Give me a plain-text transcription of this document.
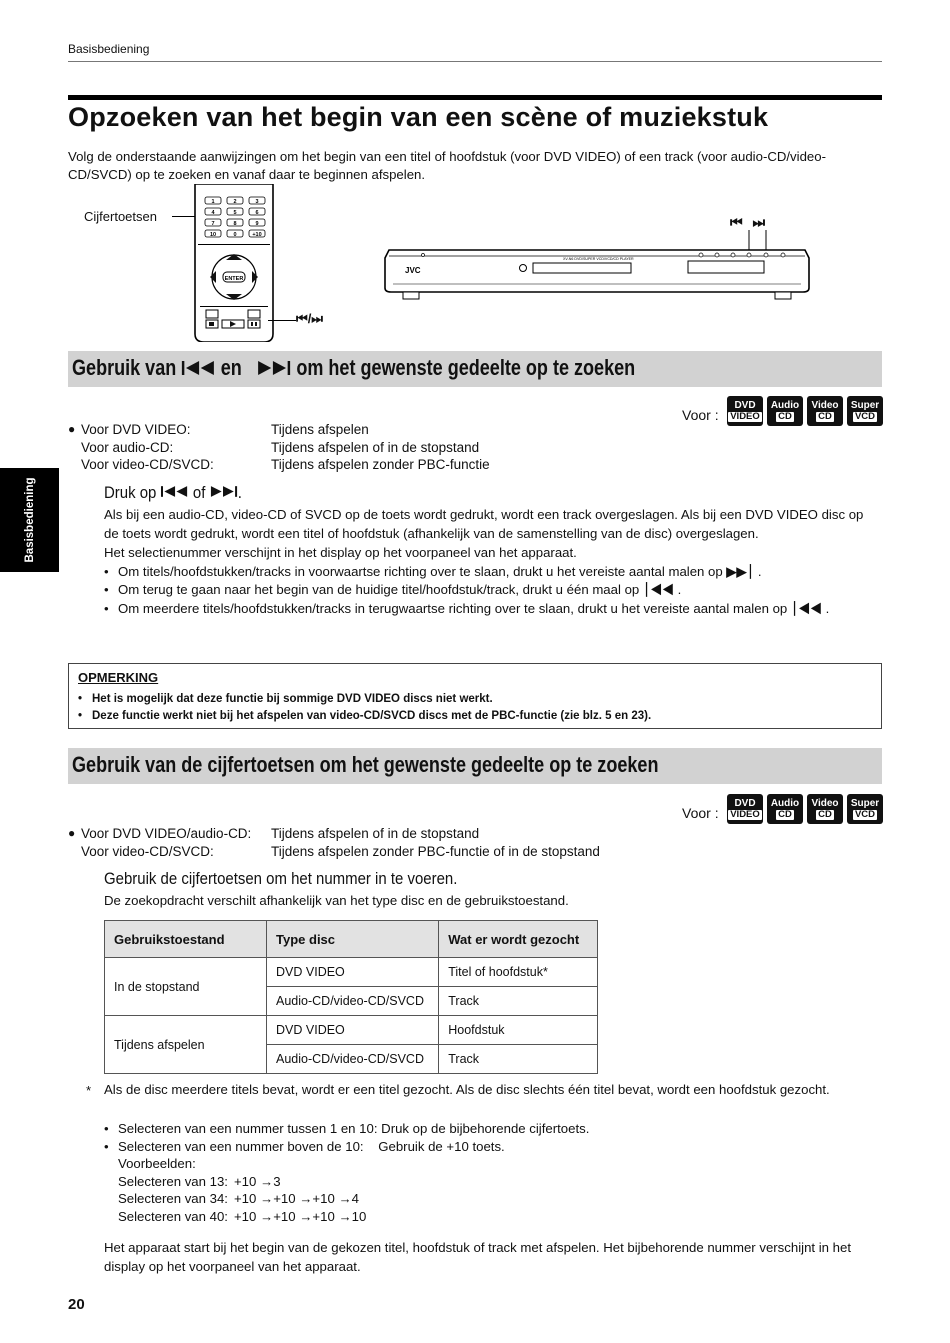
Basisbediening
Opzoeken van het begin van een scène of muziekstuk
Volg de onderstaande aanwijzingen om het begin van een titel of hoofdstuk (voor DVD VIDEO) of een track (voor audio-CD/video-CD/SVCD) op te zoeken en vanaf daar te beginnen afspelen.
Basisbediening
Cijfertoetsen
1	2	3
4	5	6
7	8	9
10	0	+10
ENTER
⏮/⏭
⏮ ⏭
JVC
XV-N6 DVD/SUPER VCD/VCD/CD PLAYER
Gebruik van en om het gewenste gedeelte op te zoeken
Voor :
DVD
VIDEO
Audio
CD
Video
CD
Super
VCD
● Voor DVD VIDEO:	Tijdens afspelen
Voor audio-CD:	Tijdens afspelen of in de stopstand
Voor video-CD/SVCD:	Tijdens afspelen zonder PBC-functie
Druk op of .
Als bij een audio-CD, video-CD of SVCD op de toets wordt gedrukt, wordt een track overgeslagen. Als bij een DVD VIDEO disc op de toets wordt gedrukt, wordt een titel of hoofdstuk (afhankelijk van de samenstelling van de disc) overgeslagen.
Het selectienummer verschijnt in het display op het voorpaneel van het apparaat.
• Om titels/hoofdstukken/tracks in voorwaartse richting over te slaan, drukt u het vereiste aantal malen op ▶▶⏐ .
• Om terug te gaan naar het begin van de huidige titel/hoofdstuk/track, drukt u één maal op ⏐◀◀ .
• Om meerdere titels/hoofdstukken/tracks in terugwaartse richting over te slaan, drukt u het vereiste aantal malen op ⏐◀◀ .
OPMERKING
• Het is mogelijk dat deze functie bij sommige DVD VIDEO discs niet werkt.
• Deze functie werkt niet bij het afspelen van video-CD/SVCD discs met de PBC-functie (zie blz. 5 en 23).
Gebruik van de cijfertoetsen om het gewenste gedeelte op te zoeken
Voor :
DVD
VIDEO
Audio
CD
Video
CD
Super
VCD
● Voor DVD VIDEO/audio-CD:	Tijdens afspelen of in de stopstand
Voor video-CD/SVCD:	Tijdens afspelen zonder PBC-functie of in de stopstand
Gebruik de cijfertoetsen om het nummer in te voeren.
De zoekopdracht verschilt afhankelijk van het type disc en de gebruikstoestand.
Gebruikstoestand	Type disc	Wat er wordt gezocht
In de stopstand	DVD VIDEO	Titel of hoofdstuk*
	Audio-CD/video-CD/SVCD	Track
Tijdens afspelen	DVD VIDEO	Hoofdstuk
	Audio-CD/video-CD/SVCD	Track
* Als de disc meerdere titels bevat, wordt er een titel gezocht. Als de disc slechts één titel bevat, wordt een hoofdstuk gezocht.
• Selecteren van een nummer tussen 1 en 10: Druk op de bijbehorende cijfertoets.
• Selecteren van een nummer boven de 10: Gebruik de +10 toets.
Voorbeelden:
Selecteren van 13:	+10 →3
Selecteren van 34:	+10 →+10 →+10 →4
Selecteren van 40:	+10 →+10 →+10 →10
Het apparaat start bij het begin van de gekozen titel, hoofdstuk of track met afspelen. Het bijbehorende nummer verschijnt in het display op het voorpaneel van het apparaat.
20
